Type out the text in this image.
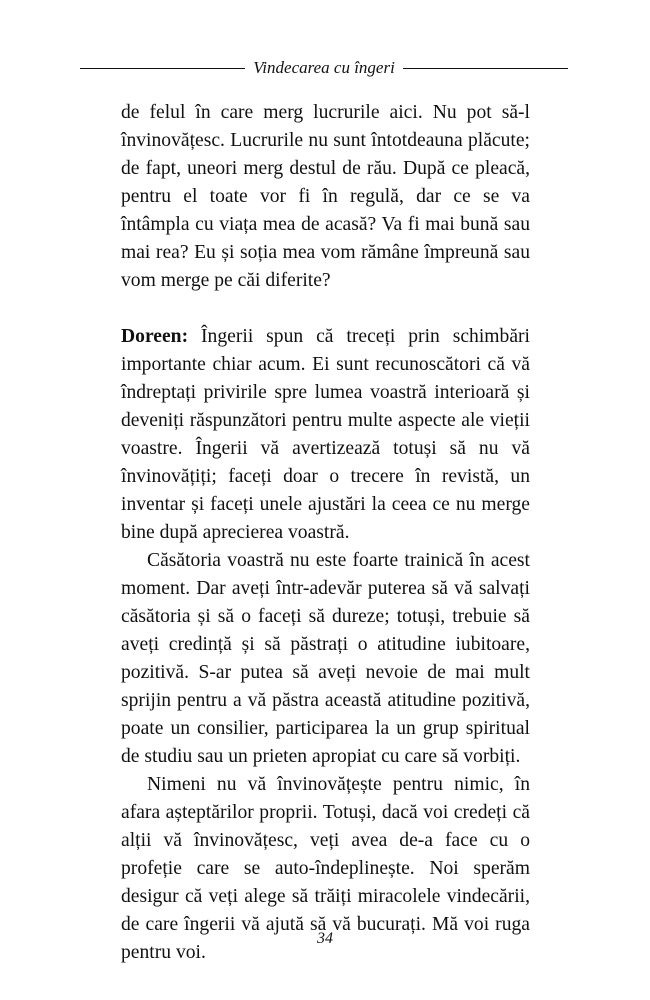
Vindecarea cu îngeri

de felul în care merg lucrurile aici. Nu pot să-l învinovățesc. Lucrurile nu sunt întotdeauna plăcute; de fapt, uneori merg destul de rău. După ce pleacă, pentru el toate vor fi în regulă, dar ce se va întâmpla cu viața mea de acasă? Va fi mai bună sau mai rea? Eu și soția mea vom rămâne împreună sau vom merge pe căi diferite?

Doreen: Îngerii spun că treceți prin schimbări importante chiar acum. Ei sunt recunoscători că vă îndreptați privirile spre lumea voastră interioară și deveniți răspunzători pentru multe aspecte ale vieții voastre. Îngerii vă avertizează totuși să nu vă învinovățiți; faceți doar o trecere în revistă, un inventar și faceți unele ajustări la ceea ce nu merge bine după aprecierea voastră.

Căsătoria voastră nu este foarte trainică în acest moment. Dar aveți într-adevăr puterea să vă salvați căsătoria și să o faceți să dureze; totuși, trebuie să aveți credință și să păstrați o atitudine iubitoare, pozitivă. S-ar putea să aveți nevoie de mai mult sprijin pentru a vă păstra această atitudine pozitivă, poate un consilier, participarea la un grup spiritual de studiu sau un prieten apropiat cu care să vorbiți.

Nimeni nu vă învinovățește pentru nimic, în afara așteptărilor proprii. Totuși, dacă voi credeți că alții vă învinovățesc, veți avea de-a face cu o profeție care se auto-îndeplinește. Noi sperăm desigur că veți alege să trăiți miracolele vindecării, de care îngerii vă ajută să vă bucurați. Mă voi ruga pentru voi.

34
